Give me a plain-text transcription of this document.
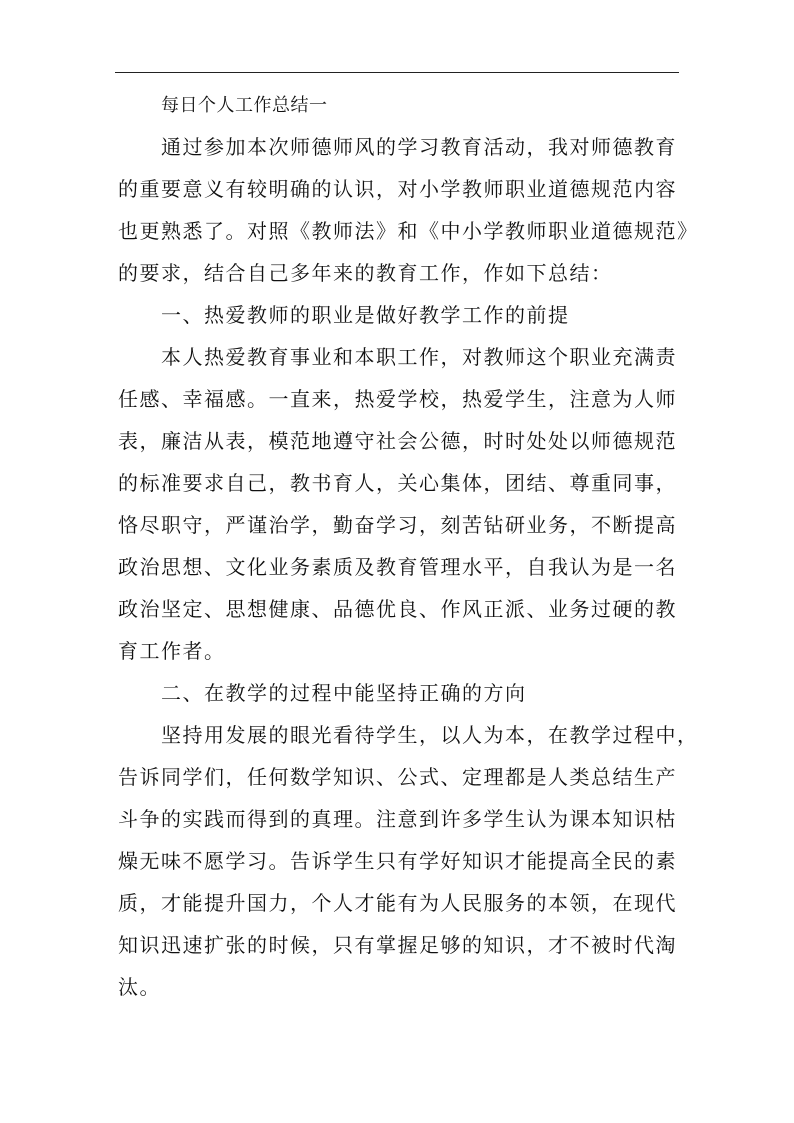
每日个人工作总结一

通过参加本次师德师风的学习教育活动，我对师德教育

的重要意义有较明确的认识，对小学教师职业道德规范内容

也更熟悉了。对照《教师法》和《中小学教师职业道德规范》

的要求，结合自己多年来的教育工作，作如下总结：

一、热爱教师的职业是做好教学工作的前提

本人热爱教育事业和本职工作，对教师这个职业充满责

任感、幸福感。一直来，热爱学校，热爱学生，注意为人师

表，廉洁从表，模范地遵守社会公德，时时处处以师德规范

的标准要求自己，教书育人，关心集体，团结、尊重同事，

恪尽职守，严谨治学，勤奋学习，刻苦钻研业务，不断提高

政治思想、文化业务素质及教育管理水平，自我认为是一名

政治坚定、思想健康、品德优良、作风正派、业务过硬的教

育工作者。

二、在教学的过程中能坚持正确的方向

坚持用发展的眼光看待学生，以人为本，在教学过程中，

告诉同学们，任何数学知识、公式、定理都是人类总结生产

斗争的实践而得到的真理。注意到许多学生认为课本知识枯

燥无味不愿学习。告诉学生只有学好知识才能提高全民的素

质，才能提升国力，个人才能有为人民服务的本领，在现代

知识迅速扩张的时候，只有掌握足够的知识，才不被时代淘

汰。
